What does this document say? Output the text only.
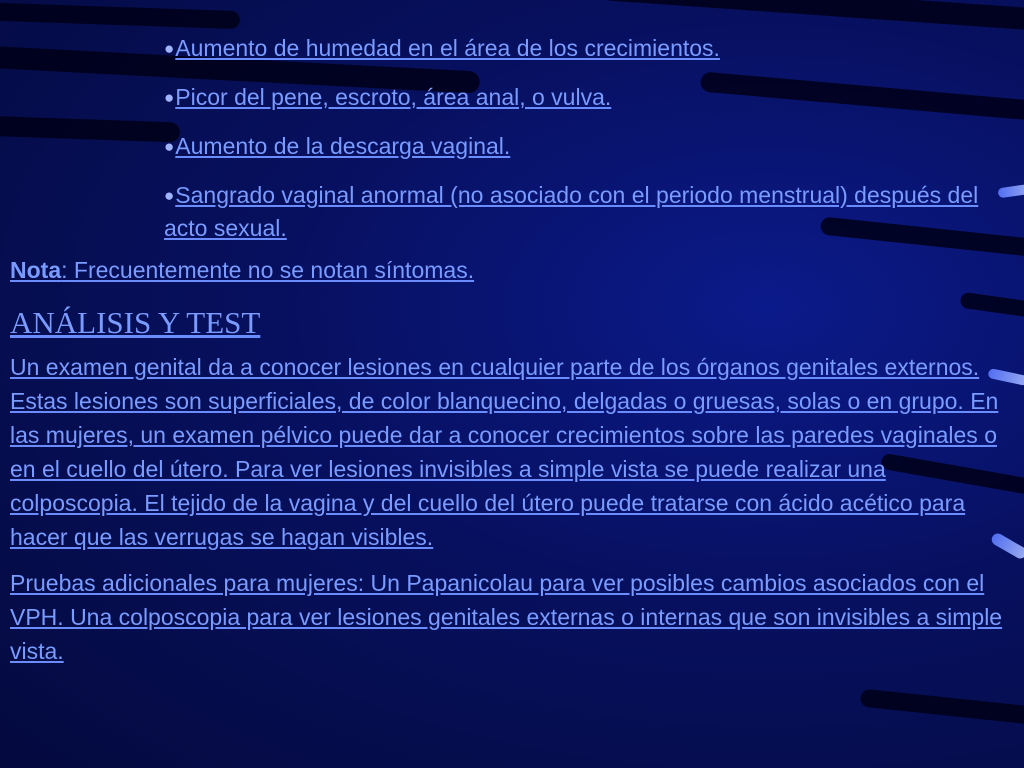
●Aumento de humedad en el área de los crecimientos.
●Picor del pene, escroto, área anal, o vulva.
●Aumento de la descarga vaginal.
●Sangrado vaginal anormal (no asociado con el periodo menstrual) después del acto sexual.
Nota: Frecuentemente no se notan síntomas.
ANÁLISIS Y TEST

Un examen genital da a conocer lesiones en cualquier parte de los órganos genitales externos. Estas lesiones son superficiales, de color blanquecino, delgadas o gruesas, solas o en grupo. En las mujeres, un examen pélvico puede dar a conocer crecimientos sobre las paredes vaginales o en el cuello del útero. Para ver lesiones invisibles a simple vista se puede realizar una colposcopia. El tejido de la vagina y del cuello del útero puede tratarse con ácido acético para hacer que las verrugas se hagan visibles.

Pruebas adicionales para mujeres: Un Papanicolau para ver posibles cambios asociados con el VPH. Una colposcopia para ver lesiones genitales externas o internas que son invisibles a simple vista.
